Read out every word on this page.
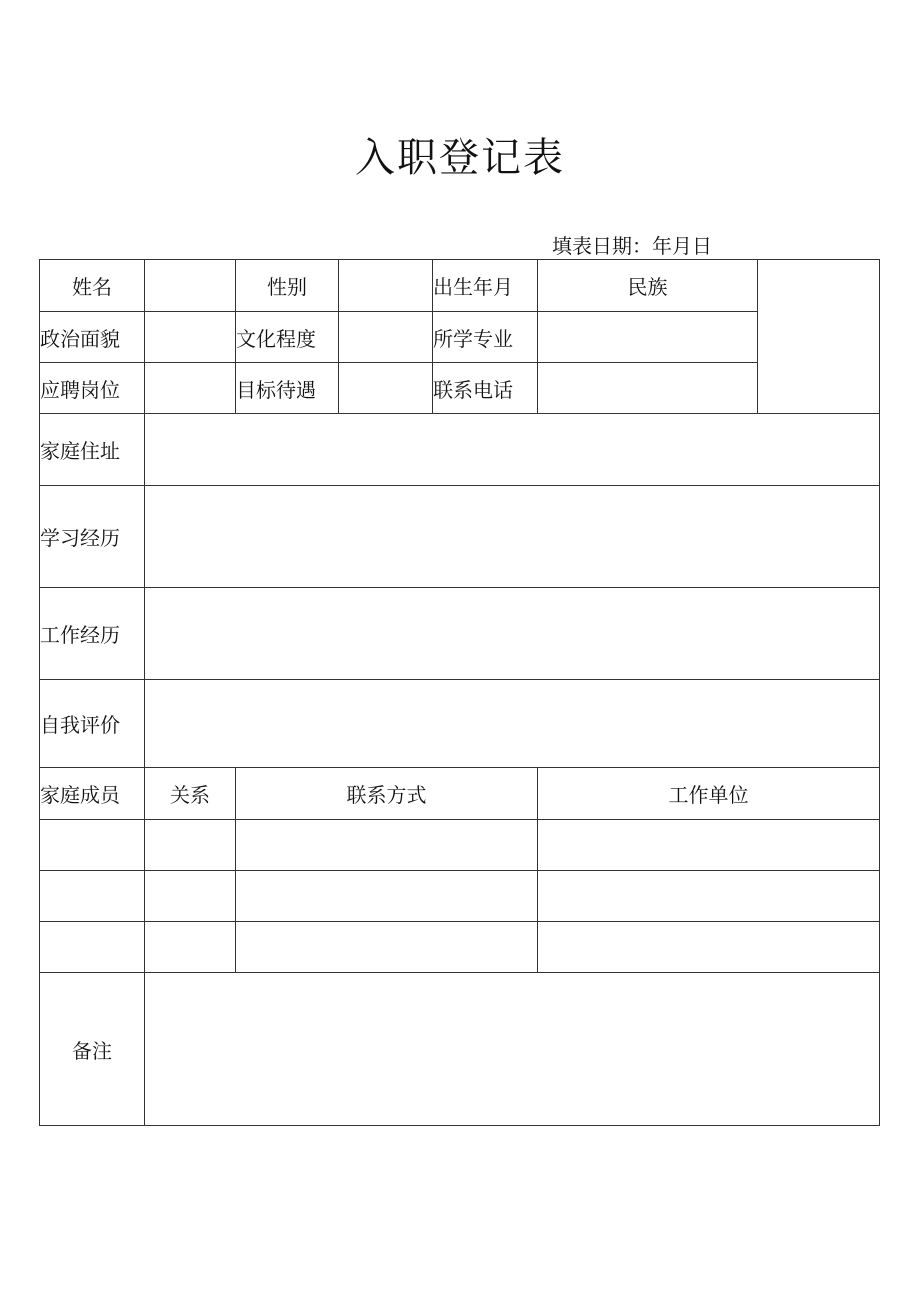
入职登记表
填表日期：年月日
姓名	性别	出生年月	民族
政治面貌	文化程度	所学专业
应聘岗位	目标待遇	联系电话
家庭住址
学习经历
工作经历
自我评价
家庭成员	关系	联系方式	工作单位
备注
